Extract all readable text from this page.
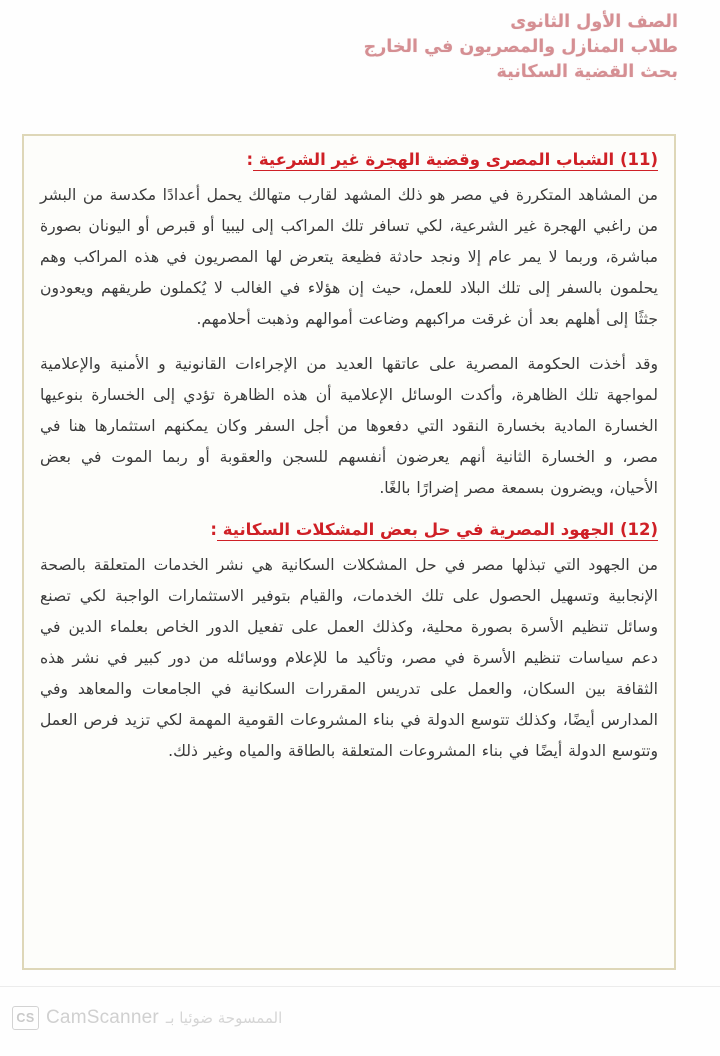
الصف الأول الثانوى
طلاب المنازل والمصريون في الخارج
بحث القضية السكانية
(11) الشباب المصرى وقضية الهجرة غير الشرعية :

من المشاهد المتكررة في مصر هو ذلك المشهد لقارب متهالك يحمل أعدادًا مكدسة من البشر من راغبي الهجرة غير الشرعية، لكي تسافر تلك المراكب إلى ليبيا أو قبرص أو اليونان بصورة مباشرة، وربما لا يمر عام إلا ونجد حادثة فظيعة يتعرض لها المصريون في هذه المراكب وهم يحلمون بالسفر إلى تلك البلاد للعمل، حيث إن هؤلاء في الغالب لا يُكملون طريقهم ويعودون جثثًا إلى أهلهم بعد أن غرقت مراكبهم وضاعت أموالهم وذهبت أحلامهم.

وقد أخذت الحكومة المصرية على عاتقها العديد من الإجراءات القانونية و الأمنية والإعلامية لمواجهة تلك الظاهرة، وأكدت الوسائل الإعلامية أن هذه الظاهرة تؤدي إلى الخسارة بنوعيها الخسارة المادية بخسارة النقود التي دفعوها من أجل السفر وكان يمكنهم استثمارها هنا في مصر، و الخسارة الثانية أنهم يعرضون أنفسهم للسجن والعقوبة أو ربما الموت في بعض الأحيان، ويضرون بسمعة مصر إضرارًا بالغًا.

(12) الجهود المصرية في حل بعض المشكلات السكانية :

من الجهود التي تبذلها مصر في حل المشكلات السكانية هي نشر الخدمات المتعلقة بالصحة الإنجابية وتسهيل الحصول على تلك الخدمات، والقيام بتوفير الاستثمارات الواجبة لكي تصنع وسائل تنظيم الأسرة بصورة محلية، وكذلك العمل على تفعيل الدور الخاص بعلماء الدين في دعم سياسات تنظيم الأسرة في مصر، وتأكيد ما للإعلام ووسائله من دور كبير في نشر هذه الثقافة بين السكان، والعمل على تدريس المقررات السكانية في الجامعات والمعاهد وفي المدارس أيضًا، وكذلك تتوسع الدولة في بناء المشروعات القومية المهمة لكي تزيد فرص العمل وتتوسع الدولة أيضًا في بناء المشروعات المتعلقة بالطاقة والمياه وغير ذلك.

CS CamScanner الممسوحة ضوئيا بـ
